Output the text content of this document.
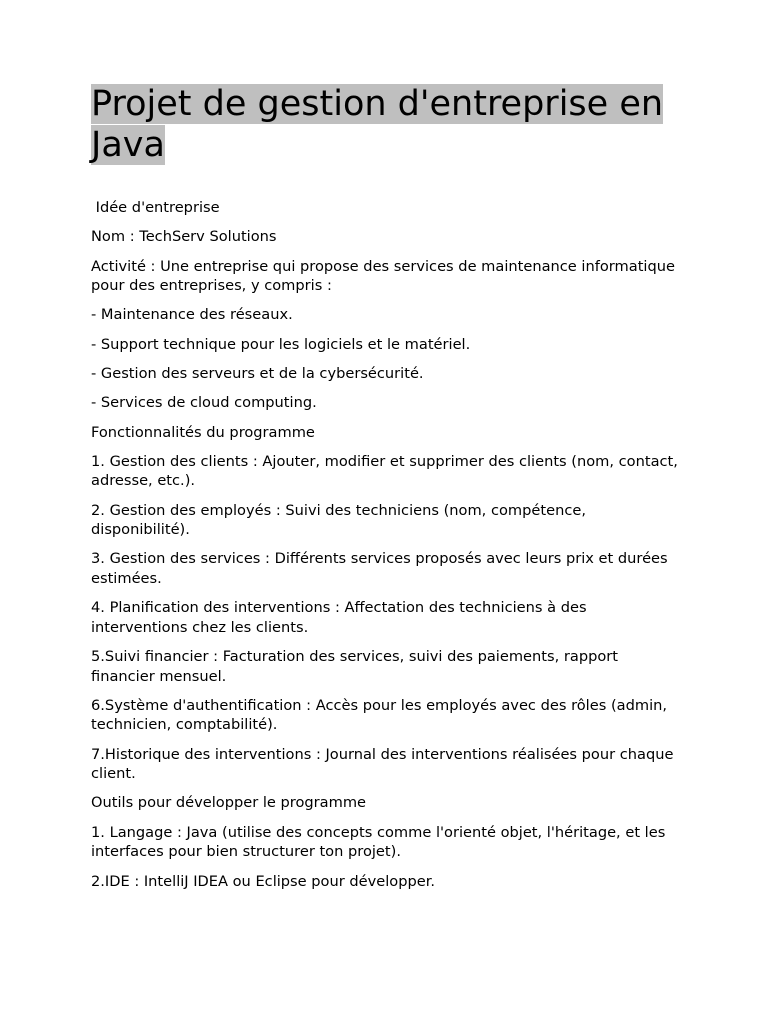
Projet de gestion d'entreprise en Java

Idée d'entreprise

Nom : TechServ Solutions

Activité : Une entreprise qui propose des services de maintenance informatique pour des entreprises, y compris :

- Maintenance des réseaux.

- Support technique pour les logiciels et le matériel.

- Gestion des serveurs et de la cybersécurité.

- Services de cloud computing.

Fonctionnalités du programme

1. Gestion des clients : Ajouter, modifier et supprimer des clients (nom, contact, adresse, etc.).

2. Gestion des employés : Suivi des techniciens (nom, compétence, disponibilité).

3. Gestion des services : Différents services proposés avec leurs prix et durées estimées.

4. Planification des interventions : Affectation des techniciens à des interventions chez les clients.

5.Suivi financier : Facturation des services, suivi des paiements, rapport financier mensuel.

6.Système d'authentification : Accès pour les employés avec des rôles (admin, technicien, comptabilité).

7.Historique des interventions : Journal des interventions réalisées pour chaque client.

Outils pour développer le programme

1. Langage : Java (utilise des concepts comme l'orienté objet, l'héritage, et les interfaces pour bien structurer ton projet).

2.IDE : IntelliJ IDEA ou Eclipse pour développer.
